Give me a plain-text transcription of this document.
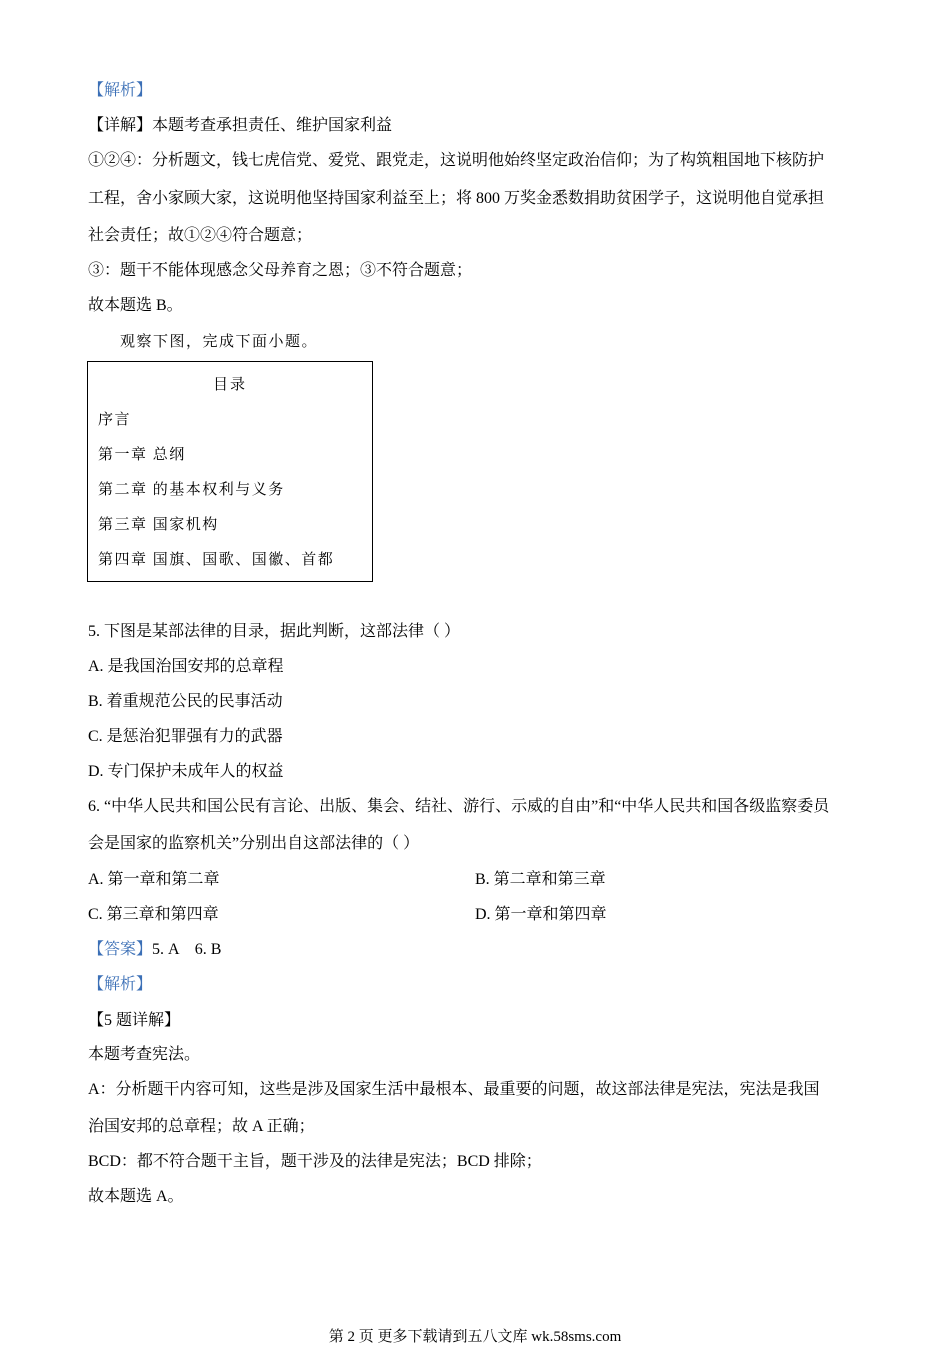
【解析】
【详解】本题考查承担责任、维护国家利益
①②④：分析题文，钱七虎信党、爱党、跟党走，这说明他始终坚定政治信仰；为了构筑粗国地下核防护
工程，舍小家顾大家，这说明他坚持国家利益至上；将 800 万奖金悉数捐助贫困学子，这说明他自觉承担
社会责任；故①②④符合题意；
③：题干不能体现感念父母养育之恩；③不符合题意；
故本题选 B。
观察下图，完成下面小题。
目录
序言
第一章 总纲
第二章 的基本权利与义务
第三章 国家机构
第四章 国旗、国歌、国徽、首都
5. 下图是某部法律的目录，据此判断，这部法律（ ）
A. 是我国治国安邦的总章程
B. 着重规范公民的民事活动
C. 是惩治犯罪强有力的武器
D. 专门保护未成年人的权益
6. “中华人民共和国公民有言论、出版、集会、结社、游行、示威的自由”和“中华人民共和国各级监察委员
会是国家的监察机关”分别出自这部法律的（ ）
A. 第一章和第二章	B. 第二章和第三章
C. 第三章和第四章	D. 第一章和第四章
【答案】5. A    6. B
【解析】
【5 题详解】
本题考查宪法。
A：分析题干内容可知，这些是涉及国家生活中最根本、最重要的问题，故这部法律是宪法，宪法是我国
治国安邦的总章程；故 A 正确；
BCD：都不符合题干主旨，题干涉及的法律是宪法；BCD 排除；
故本题选 A。
第 2 页 更多下载请到五八文库 wk.58sms.com
